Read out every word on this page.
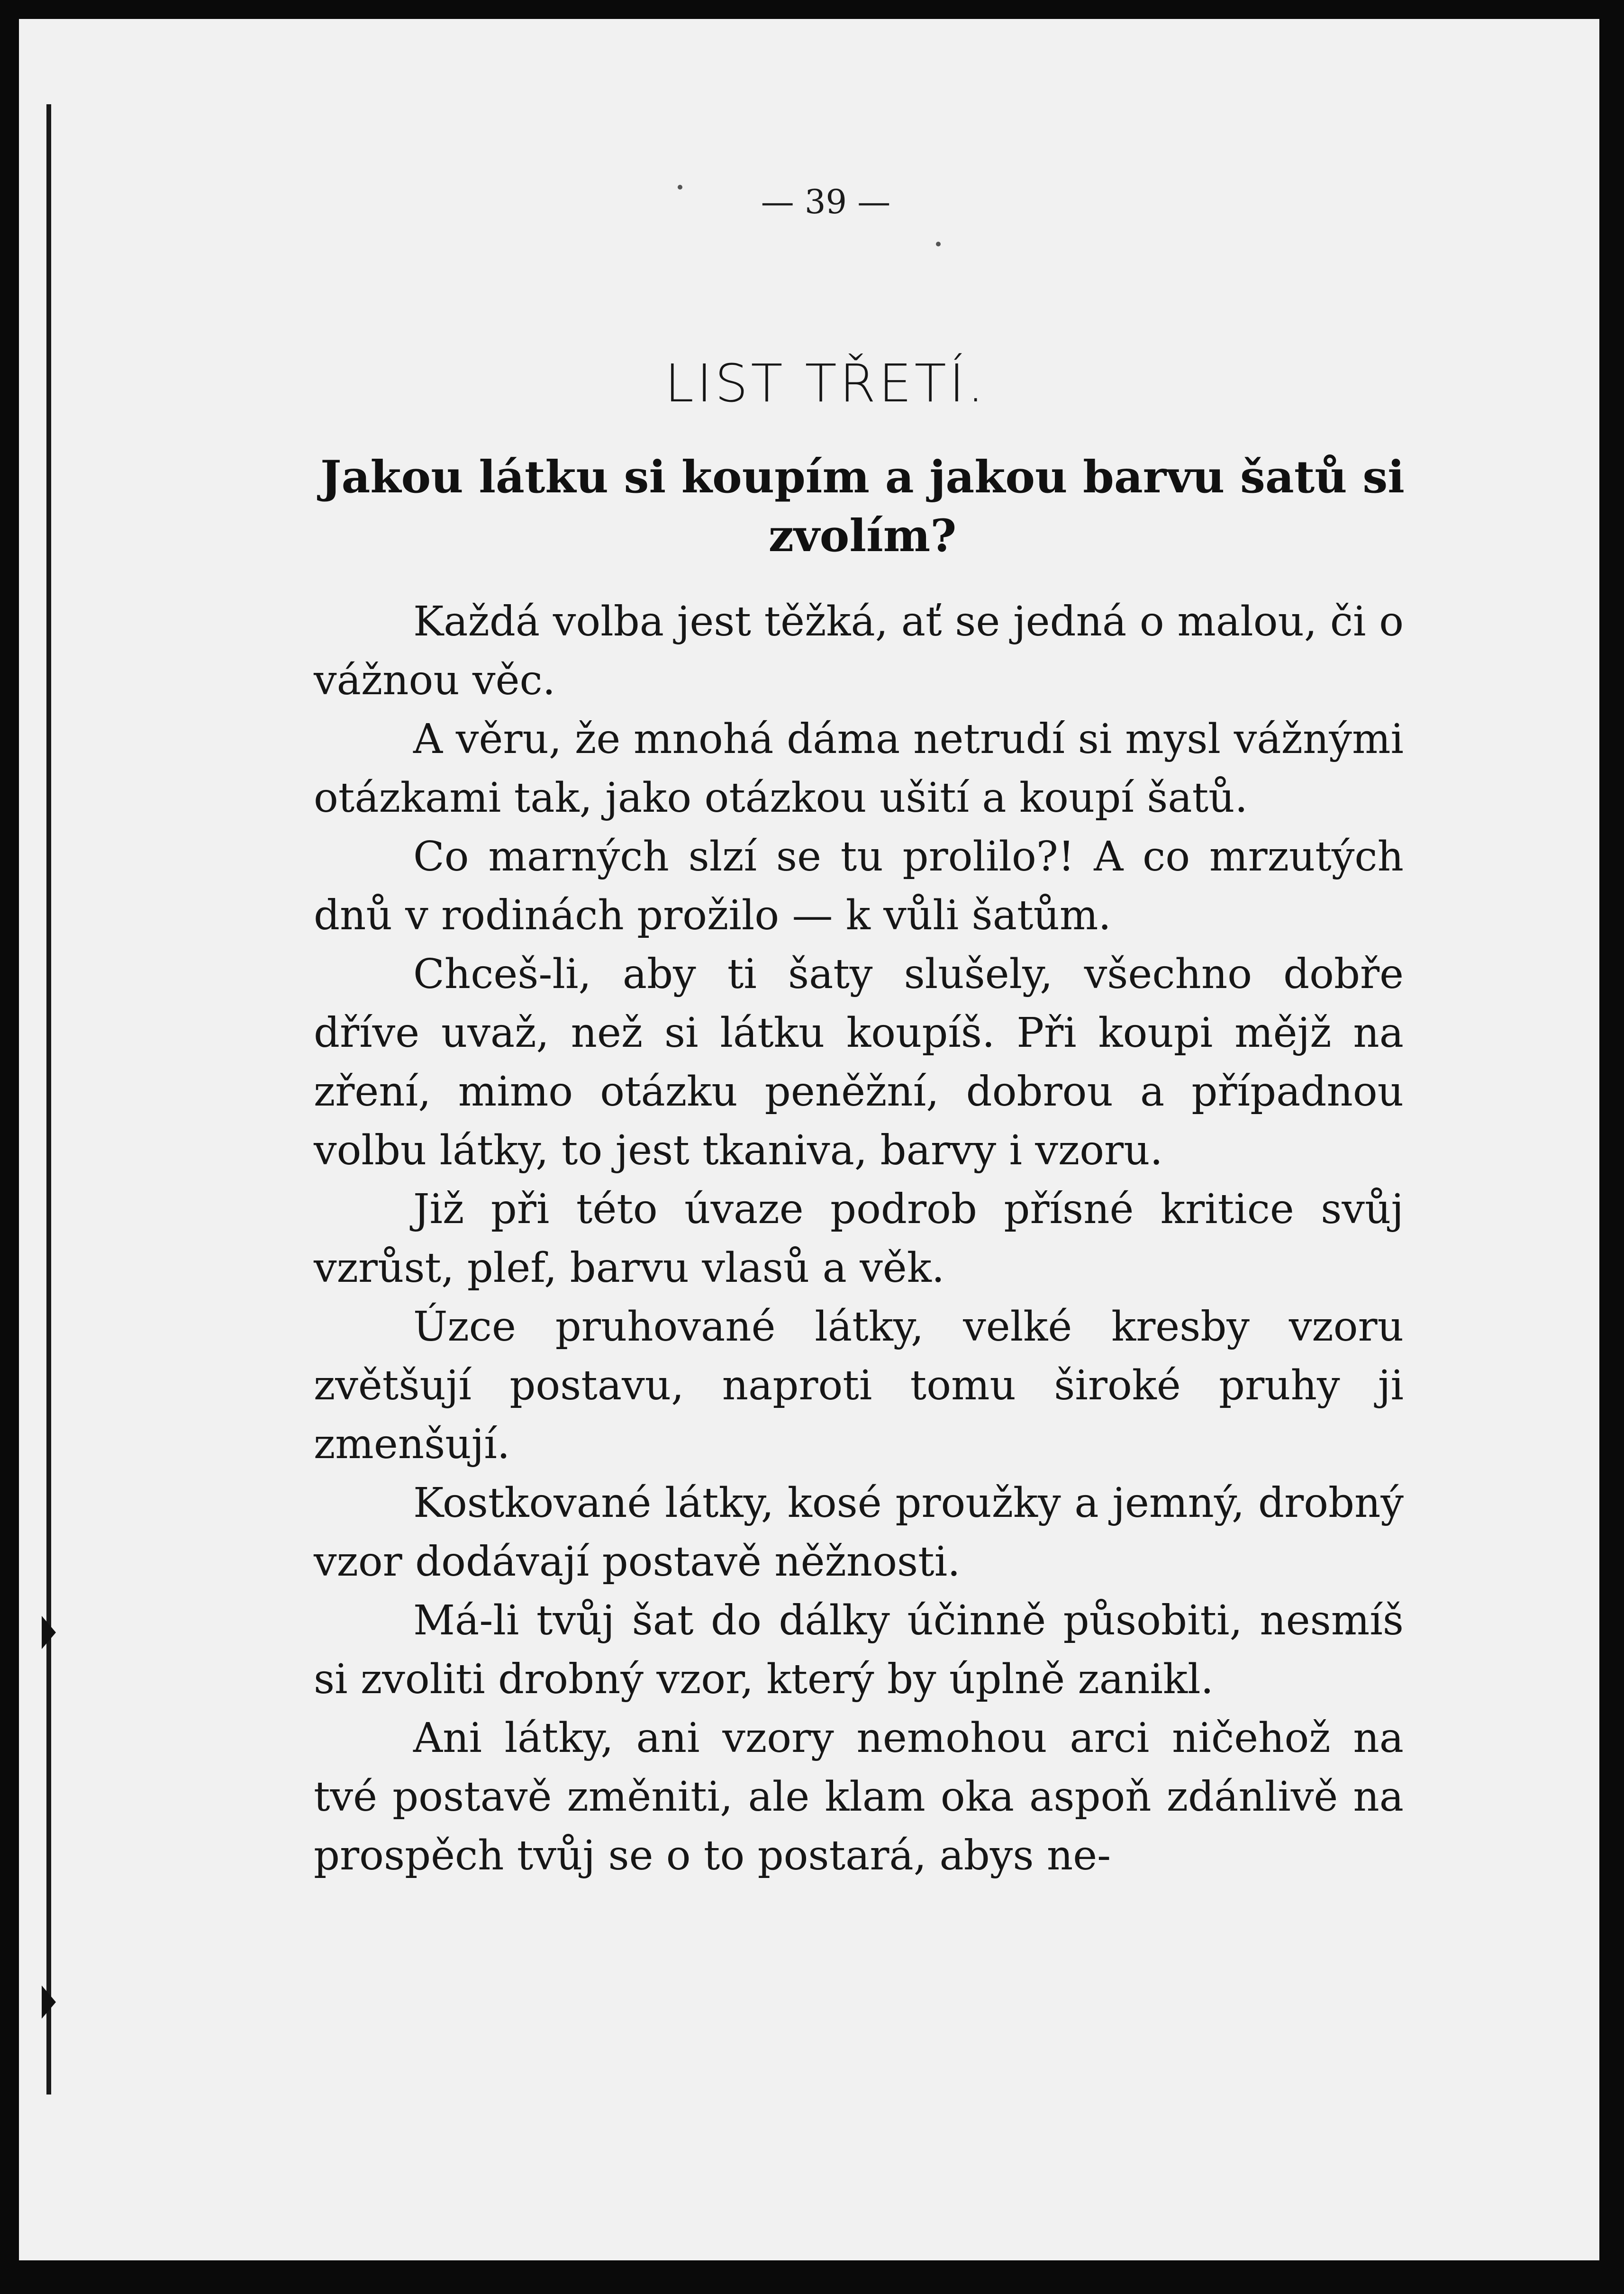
— 39 —
LIST TŘETÍ.
Jakou látku si koupím a jakou barvu šatů si zvolím?

Každá volba jest těžká, ať se jedná o malou, či o vážnou věc.

A věru, že mnohá dáma netrudí si mysl vážnými otázkami tak, jako otázkou ušití a koupí šatů.

Co marných slzí se tu prolilo?! A co mrzutých dnů v rodinách prožilo — k vůli šatům.

Chceš-li, aby ti šaty slušely, všechno dobře dříve uvaž, než si látku koupíš. Při koupi mějž na zření, mimo otázku peněžní, dobrou a případnou volbu látky, to jest tkaniva, barvy i vzoru.

Již při této úvaze podrob přísné kritice svůj vzrůst, plef, barvu vlasů a věk.

Úzce pruhované látky, velké kresby vzoru zvětšují postavu, naproti tomu široké pruhy ji zmenšují.

Kostkované látky, kosé proužky a jemný, drobný vzor dodávají postavě něžnosti.

Má-li tvůj šat do dálky účinně působiti, nesmíš si zvoliti drobný vzor, který by úplně zanikl.

Ani látky, ani vzory nemohou arci ničehož na tvé postavě změniti, ale klam oka aspoň zdánlivě na prospěch tvůj se o to postará, abys ne-
